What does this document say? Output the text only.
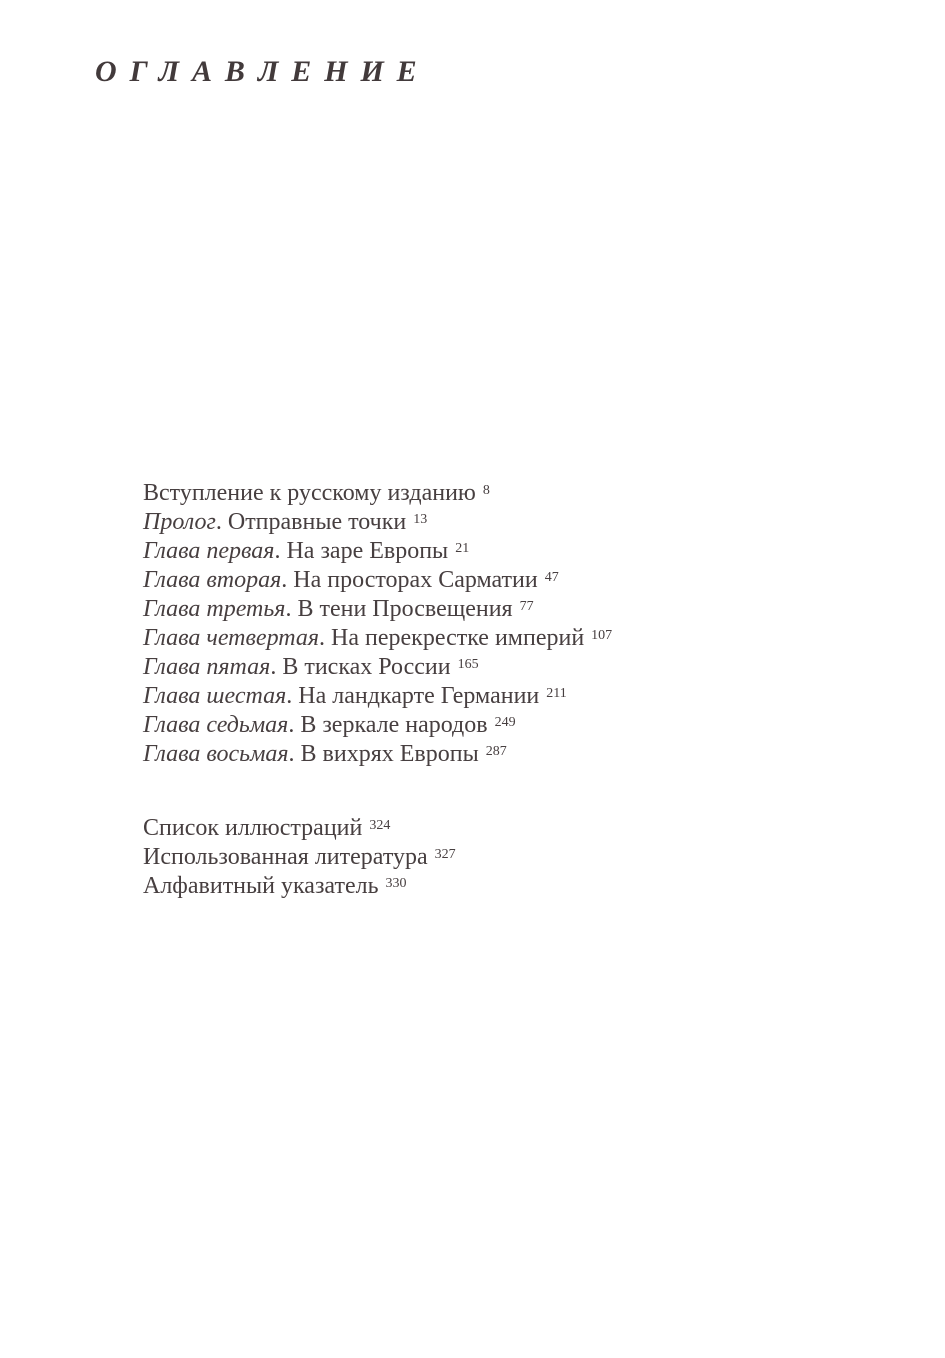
ОГЛАВЛЕНИЕ
Вступление к русскому изданию $^8$
Пролог. Отправные точки $^{13}$
Глава первая. На заре Европы $^{21}$
Глава вторая. На просторах Сарматии $^{47}$
Глава третья. В тени Просвещения $^{77}$
Глава четвертая. На перекрестке империй $^{107}$
Глава пятая. В тисках России $^{165}$
Глава шестая. На ландкарте Германии $^{211}$
Глава седьмая. В зеркале народов $^{249}$
Глава восьмая. В вихрях Европы $^{287}$
Список иллюстраций $^{324}$
Использованная литература $^{327}$
Алфавитный указатель $^{330}$
